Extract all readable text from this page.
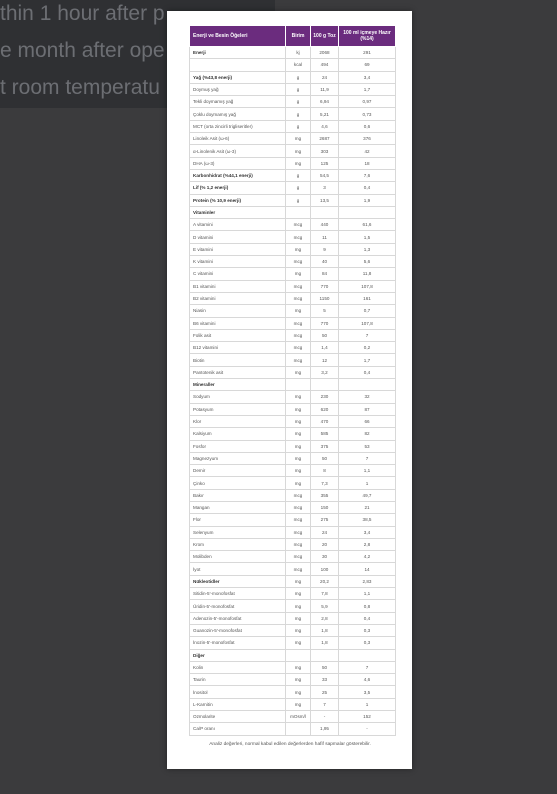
thin 1 hour after p
e month after ope
t room temperatu
Enerji ve Besin Öğeleri	Birim	100 g Toz	100 ml içmeye Hazır (%14)
Enerji	kj	2068	291
	kcal	494	69
Yağ (%43,8 enerji)	g	24	3,4
Doymuş yağ	g	11,9	1,7
Tekli doymamış yağ	g	6,94	0,97
Çoklu doymamış yağ	g	5,21	0,73
MCT (orta zincirli trigliseritler)	g	4,6	0,6
Linoleik Asit (ω-6)	mg	2687	376
α-Linolenik Asit (ω-3)	mg	303	42
DHA (ω-3)	mg	125	18
Karbonhidrat (%44,1 enerji)	g	54,5	7,6
Lif (% 1,2 enerji)	g	3	0,4
Protein (% 10,9 enerji)	g	13,5	1,9
Vitaminler			
A vitamini	mcg	440	61,6
D vitamini	mcg	11	1,5
E vitamini	mg	9	1,3
K vitamini	mcg	40	5,6
C vitamini	mg	84	11,8
B1 vitamini	mcg	770	107,8
B2 vitamini	mcg	1150	161
Niasin	mg	5	0,7
B6 vitamini	mcg	770	107,8
Folik asit	mcg	50	7
B12 vitamini	mcg	1,4	0,2
Biotin	mcg	12	1,7
Pantotenik asit	mg	3,2	0,4
Mineraller			
Sodyum	mg	230	32
Potasyum	mg	620	87
Klor	mg	470	66
Kalsiyum	mg	585	82
Fosfor	mg	375	53
Magnezyum	mg	50	7
Demir	mg	8	1,1
Çinko	mg	7,3	1
Bakır	mcg	355	49,7
Mangan	mcg	150	21
Flor	mcg	275	38,5
Selenyum	mcg	24	3,4
Krom	mcg	20	2,8
Molibden	mcg	30	4,2
İyot	mcg	100	14
Nükleotidler	mg	20,2	2,83
Sitidin-5'-monofosfat	mg	7,8	1,1
Üridin-5'-monofosfat	mg	5,9	0,8
Adenozin-5'-monofosfat	mg	2,8	0,4
Guanozin-5'-monofosfat	mg	1,8	0,3
İnozin-5'-monofosfat	mg	1,8	0,3
Diğer			
Kolin	mg	50	7
Taurin	mg	33	4,6
İnositol	mg	25	3,5
L-Karnitin	mg	7	1
Ozmolarite	mOsm/l	-	152
Ca/P oranı		1,95	-
Analiz değerleri, normal kabul edilen değerlerden hafif sapmalar gösterebilir.
